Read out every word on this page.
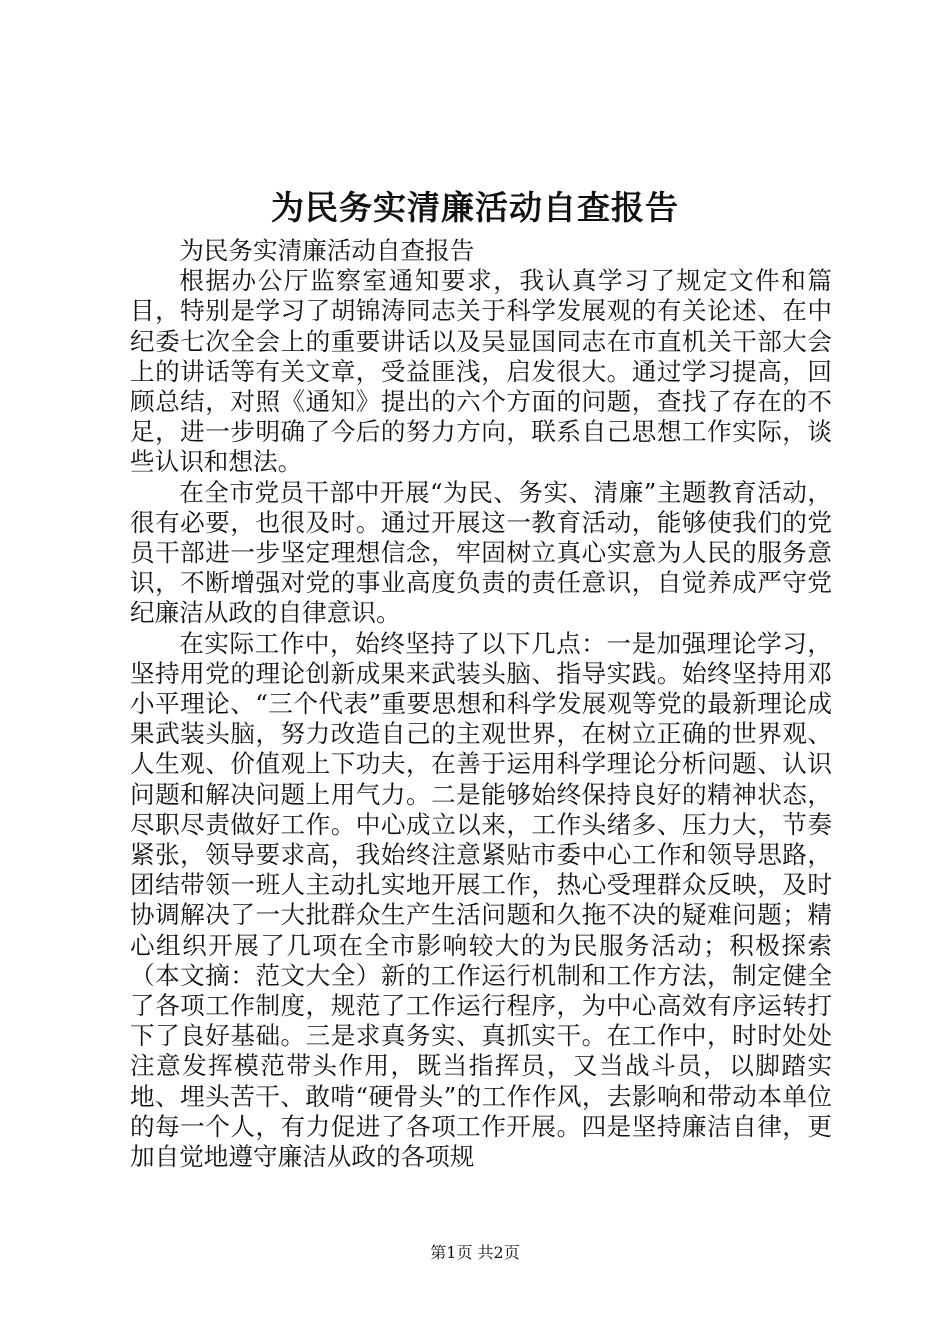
为民务实清廉活动自查报告

为民务实清廉活动自查报告

根据办公厅监察室通知要求，我认真学习了规定文件和篇目，特别是学习了胡锦涛同志关于科学发展观的有关论述、在中纪委七次全会上的重要讲话以及吴显国同志在市直机关干部大会上的讲话等有关文章，受益匪浅，启发很大。通过学习提高，回顾总结，对照《通知》提出的六个方面的问题，查找了存在的不足，进一步明确了今后的努力方向，联系自己思想工作实际，谈些认识和想法。

在全市党员干部中开展“为民、务实、清廉”主题教育活动，很有必要，也很及时。通过开展这一教育活动，能够使我们的党员干部进一步坚定理想信念，牢固树立真心实意为人民的服务意识，不断增强对党的事业高度负责的责任意识，自觉养成严守党纪廉洁从政的自律意识。

在实际工作中，始终坚持了以下几点：一是加强理论学习，坚持用党的理论创新成果来武装头脑、指导实践。始终坚持用邓小平理论、“三个代表”重要思想和科学发展观等党的最新理论成果武装头脑，努力改造自己的主观世界，在树立正确的世界观、人生观、价值观上下功夫，在善于运用科学理论分析问题、认识问题和解决问题上用气力。二是能够始终保持良好的精神状态，尽职尽责做好工作。中心成立以来，工作头绪多、压力大，节奏紧张，领导要求高，我始终注意紧贴市委中心工作和领导思路，团结带领一班人主动扎实地开展工作，热心受理群众反映，及时协调解决了一大批群众生产生活问题和久拖不决的疑难问题；精心组织开展了几项在全市影响较大的为民服务活动；积极探索（本文摘：范文大全）新的工作运行机制和工作方法，制定健全了各项工作制度，规范了工作运行程序，为中心高效有序运转打下了良好基础。三是求真务实、真抓实干。在工作中，时时处处注意发挥模范带头作用，既当指挥员，又当战斗员，以脚踏实地、埋头苦干、敢啃“硬骨头”的工作作风，去影响和带动本单位的每一个人，有力促进了各项工作开展。四是坚持廉洁自律，更加自觉地遵守廉洁从政的各项规

第1页 共2页
